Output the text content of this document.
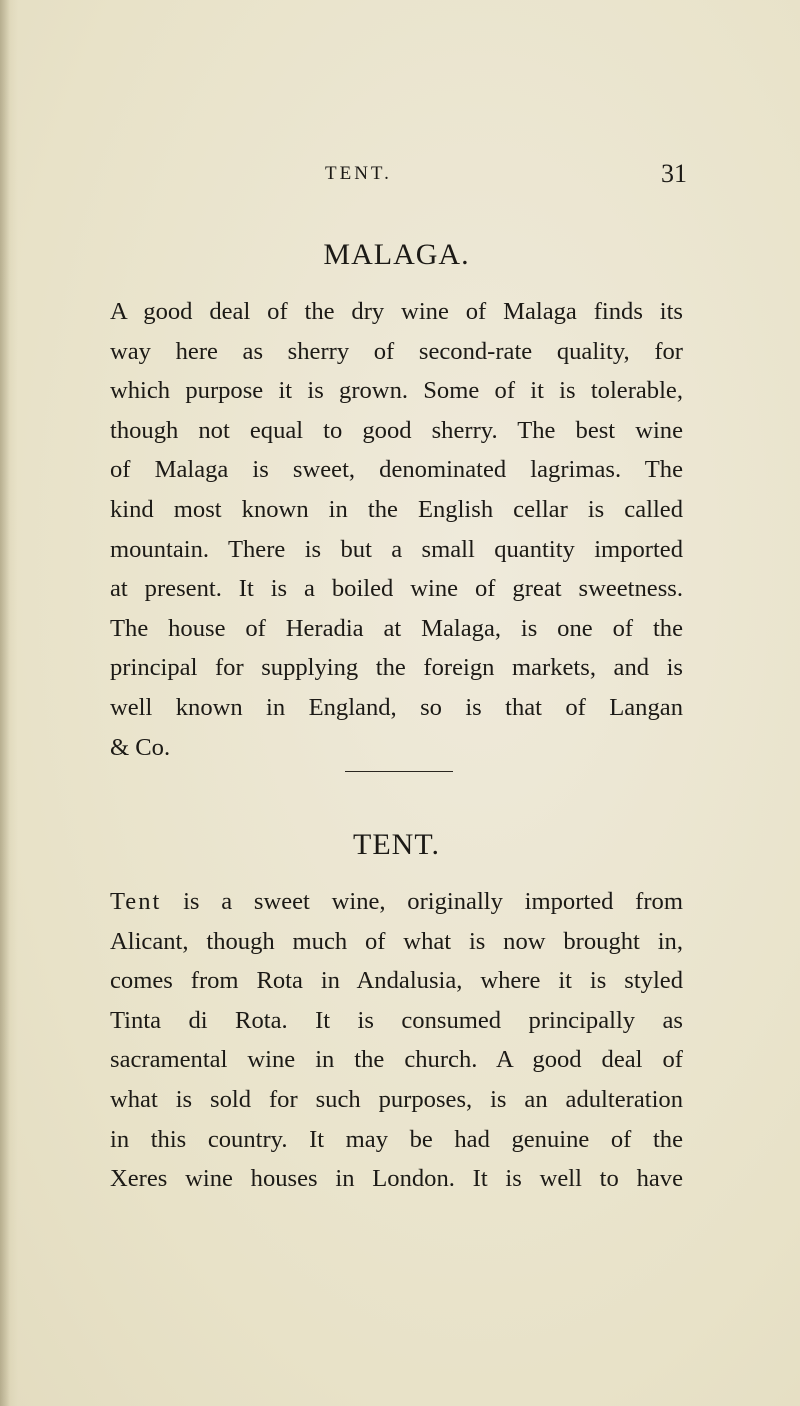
TENT.	31
MALAGA.

A good deal of the dry wine of Malaga finds its
way here as sherry of second-rate quality, for
which purpose it is grown. Some of it is tolerable,
though not equal to good sherry. The best wine
of Malaga is sweet, denominated lagrimas. The
kind most known in the English cellar is called
mountain. There is but a small quantity imported
at present. It is a boiled wine of great sweetness.
The house of Heradia at Malaga, is one of the
principal for supplying the foreign markets, and is
well known in England, so is that of Langan
& Co.

TENT.

Tent is a sweet wine, originally imported from
Alicant, though much of what is now brought in,
comes from Rota in Andalusia, where it is styled
Tinta di Rota. It is consumed principally as
sacramental wine in the church. A good deal of
what is sold for such purposes, is an adulteration
in this country. It may be had genuine of the
Xeres wine houses in London. It is well to have
